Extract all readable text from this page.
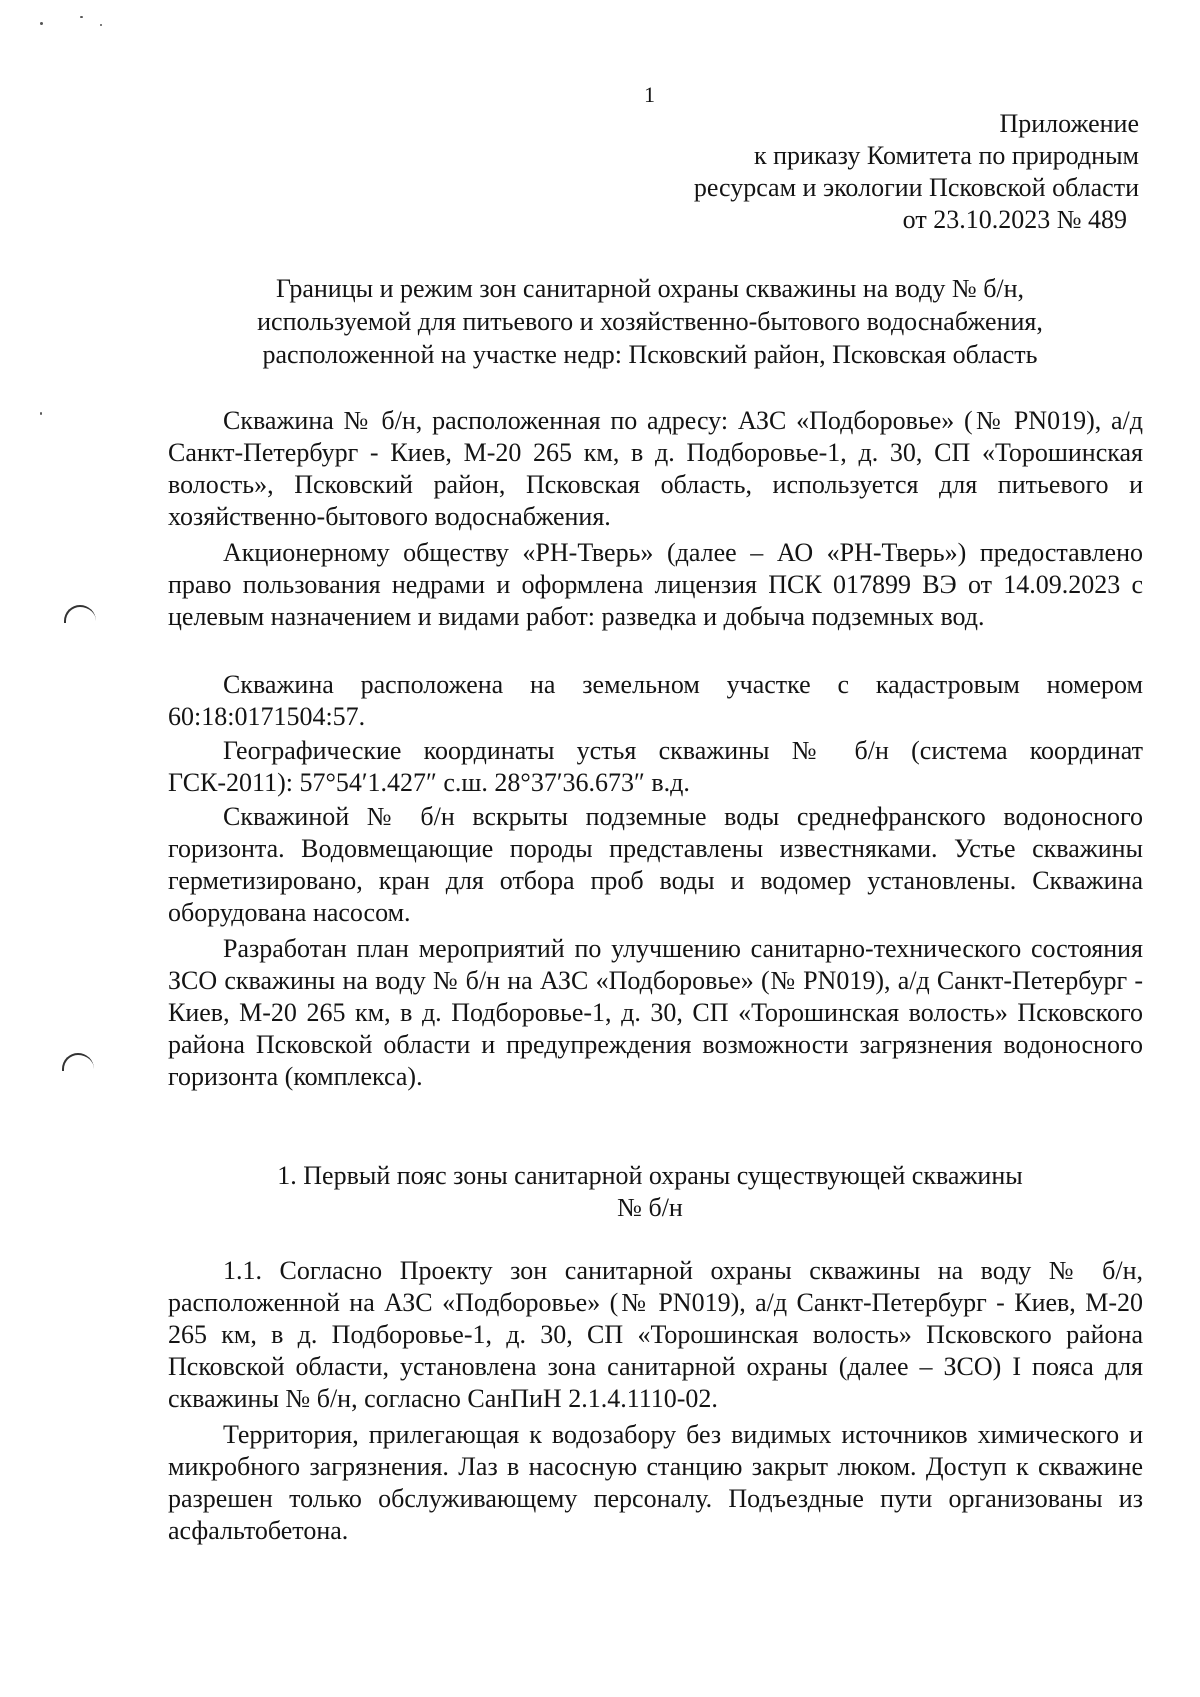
1
Приложение
к приказу Комитета по природным
ресурсам и экологии Псковской области
от 23.10.2023 № 489
Границы и режим зон санитарной охраны скважины на воду № б/н,
используемой для питьевого и хозяйственно-бытового водоснабжения,
расположенной на участке недр: Псковский район, Псковская область

Скважина № б/н, расположенная по адресу: АЗС «Подборовье» (№ PN019), а/д Санкт-Петербург - Киев, М-20 265 км, в д. Подборовье-1, д. 30, СП «Торошинская волость», Псковский район, Псковская область, используется для питьевого и хозяйственно-бытового водоснабжения.

Акционерному обществу «РН-Тверь» (далее – АО «РН-Тверь») предоставлено право пользования недрами и оформлена лицензия ПСК 017899 ВЭ от 14.09.2023 с целевым назначением и видами работ: разведка и добыча подземных вод.

Скважина расположена на земельном участке с кадастровым номером 60:18:0171504:57.

Географические координаты устья скважины № б/н (система координат ГСК-2011): 57°54′1.427″ с.ш. 28°37′36.673″ в.д.

Скважиной № б/н вскрыты подземные воды среднефранского водоносного горизонта. Водовмещающие породы представлены известняками. Устье скважины герметизировано, кран для отбора проб воды и водомер установлены. Скважина оборудована насосом.

Разработан план мероприятий по улучшению санитарно-технического состояния ЗСО скважины на воду № б/н на АЗС «Подборовье» (№ PN019), а/д Санкт-Петербург - Киев, М-20 265 км, в д. Подборовье-1, д. 30, СП «Торошинская волость» Псковского района Псковской области и предупреждения возможности загрязнения водоносного горизонта (комплекса).

1. Первый пояс зоны санитарной охраны существующей скважины
№ б/н

1.1. Согласно Проекту зон санитарной охраны скважины на воду № б/н, расположенной на АЗС «Подборовье» (№ PN019), а/д Санкт-Петербург - Киев, М-20 265 км, в д. Подборовье-1, д. 30, СП «Торошинская волость» Псковского района Псковской области, установлена зона санитарной охраны (далее – ЗСО) I пояса для скважины № б/н, согласно СанПиН 2.1.4.1110-02.

Территория, прилегающая к водозабору без видимых источников химического и микробного загрязнения. Лаз в насосную станцию закрыт люком. Доступ к скважине разрешен только обслуживающему персоналу. Подъездные пути организованы из асфальтобетона.
